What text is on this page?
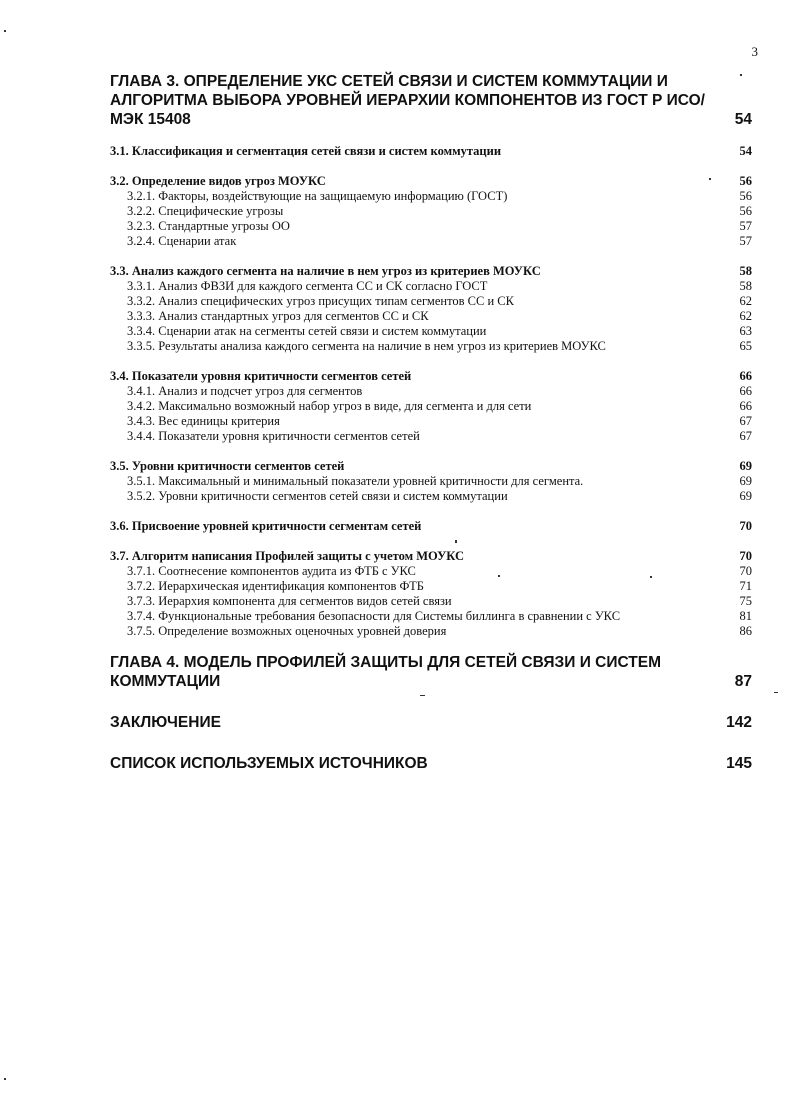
3
ГЛАВА 3. ОПРЕДЕЛЕНИЕ УКС СЕТЕЙ СВЯЗИ И СИСТЕМ КОММУТАЦИИ И АЛГОРИТМА ВЫБОРА УРОВНЕЙ ИЕРАРХИИ КОМПОНЕНТОВ ИЗ ГОСТ Р ИСО/МЭК 15408	54
3.1. Классификация и сегментация сетей связи и систем коммутации	54
3.2. Определение видов угроз МОУКС	56
3.2.1. Факторы, воздействующие на защищаемую информацию (ГОСТ)	56
3.2.2. Специфические угрозы	56
3.2.3. Стандартные угрозы ОО	57
3.2.4. Сценарии атак	57
3.3. Анализ каждого сегмента на наличие в нем угроз из критериев МОУКС	58
3.3.1. Анализ ФВЗИ для каждого сегмента СС и СК согласно ГОСТ	58
3.3.2. Анализ специфических угроз присущих типам сегментов СС и СК	62
3.3.3. Анализ стандартных угроз для сегментов СС и СК	62
3.3.4. Сценарии атак на сегменты сетей связи и систем коммутации	63
3.3.5. Результаты анализа каждого сегмента на наличие в нем угроз из критериев МОУКС	65
3.4. Показатели уровня критичности сегментов сетей	66
3.4.1. Анализ и подсчет угроз для сегментов	66
3.4.2. Максимально возможный набор угроз в виде, для сегмента и для сети	66
3.4.3. Вес единицы критерия	67
3.4.4. Показатели уровня критичности сегментов сетей	67
3.5. Уровни критичности сегментов сетей	69
3.5.1. Максимальный и минимальный показатели уровней критичности для сегмента.	69
3.5.2. Уровни критичности сегментов сетей связи и систем коммутации	69
3.6. Присвоение уровней критичности сегментам сетей	70
3.7. Алгоритм написания Профилей защиты с учетом МОУКС	70
3.7.1. Соотнесение компонентов аудита из ФТБ с УКС	70
3.7.2. Иерархическая идентификация компонентов ФТБ	71
3.7.3. Иерархия компонента для сегментов видов сетей связи	75
3.7.4. Функциональные требования безопасности для Системы биллинга в сравнении с УКС	81
3.7.5. Определение возможных оценочных уровней доверия	86
ГЛАВА 4. МОДЕЛЬ ПРОФИЛЕЙ ЗАЩИТЫ ДЛЯ СЕТЕЙ СВЯЗИ И СИСТЕМ КОММУТАЦИИ	87
ЗАКЛЮЧЕНИЕ	142
СПИСОК ИСПОЛЬЗУЕМЫХ ИСТОЧНИКОВ	145
